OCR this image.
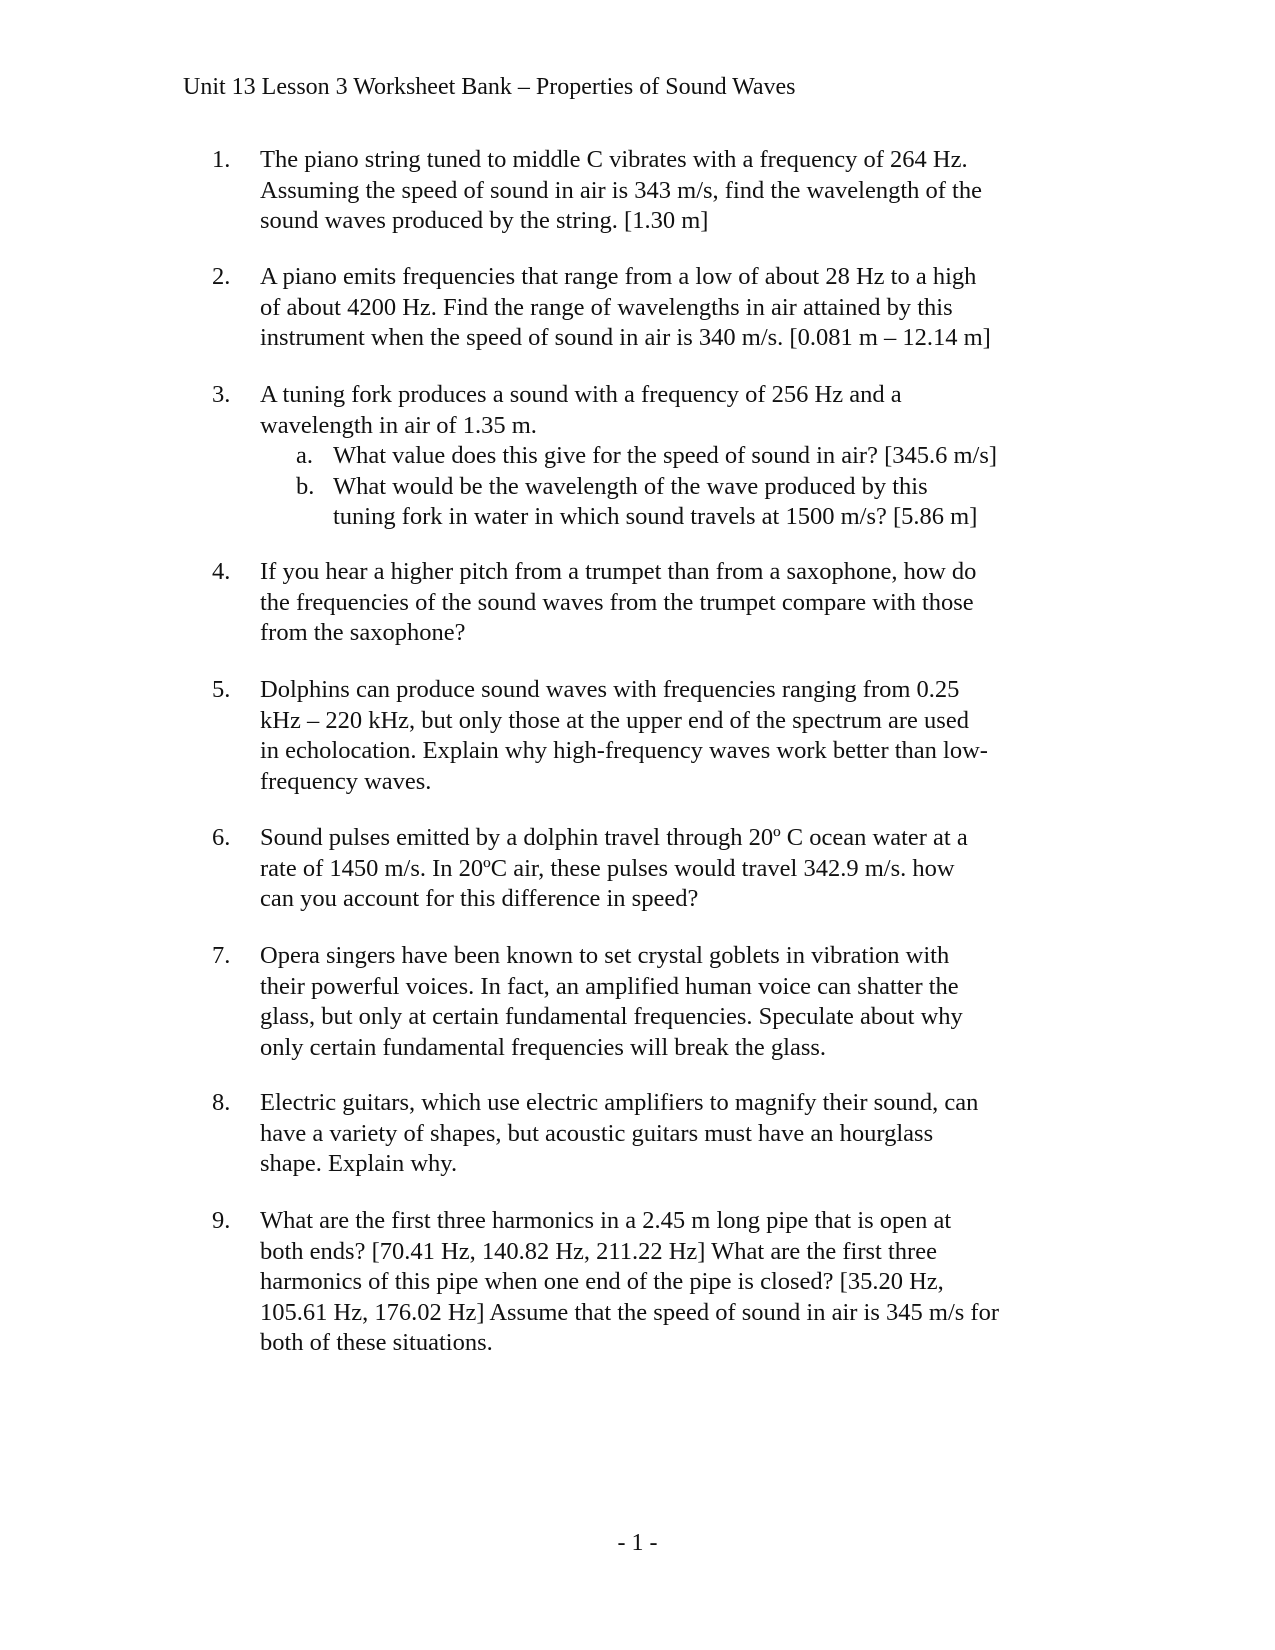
Unit 13 Lesson 3 Worksheet Bank – Properties of Sound Waves
1.	The piano string tuned to middle C vibrates with a frequency of 264 Hz.
Assuming the speed of sound in air is 343 m/s, find the wavelength of the
sound waves produced by the string. [1.30 m]
2.	A piano emits frequencies that range from a low of about 28 Hz to a high
of about 4200 Hz. Find the range of wavelengths in air attained by this
instrument when the speed of sound in air is 340 m/s. [0.081 m – 12.14 m]
3.	A tuning fork produces a sound with a frequency of 256 Hz and a
wavelength in air of 1.35 m.
a. What value does this give for the speed of sound in air? [345.6 m/s]
b. What would be the wavelength of the wave produced by this
tuning fork in water in which sound travels at 1500 m/s? [5.86 m]
4.	If you hear a higher pitch from a trumpet than from a saxophone, how do
the frequencies of the sound waves from the trumpet compare with those
from the saxophone?
5.	Dolphins can produce sound waves with frequencies ranging from 0.25
kHz – 220 kHz, but only those at the upper end of the spectrum are used
in echolocation. Explain why high-frequency waves work better than low-
frequency waves.
6.	Sound pulses emitted by a dolphin travel through 20º C ocean water at a
rate of 1450 m/s. In 20ºC air, these pulses would travel 342.9 m/s. how
can you account for this difference in speed?
7.	Opera singers have been known to set crystal goblets in vibration with
their powerful voices. In fact, an amplified human voice can shatter the
glass, but only at certain fundamental frequencies. Speculate about why
only certain fundamental frequencies will break the glass.
8.	Electric guitars, which use electric amplifiers to magnify their sound, can
have a variety of shapes, but acoustic guitars must have an hourglass
shape. Explain why.
9.	What are the first three harmonics in a 2.45 m long pipe that is open at
both ends? [70.41 Hz, 140.82 Hz, 211.22 Hz] What are the first three
harmonics of this pipe when one end of the pipe is closed? [35.20 Hz,
105.61 Hz, 176.02 Hz] Assume that the speed of sound in air is 345 m/s for
both of these situations.
- 1 -
